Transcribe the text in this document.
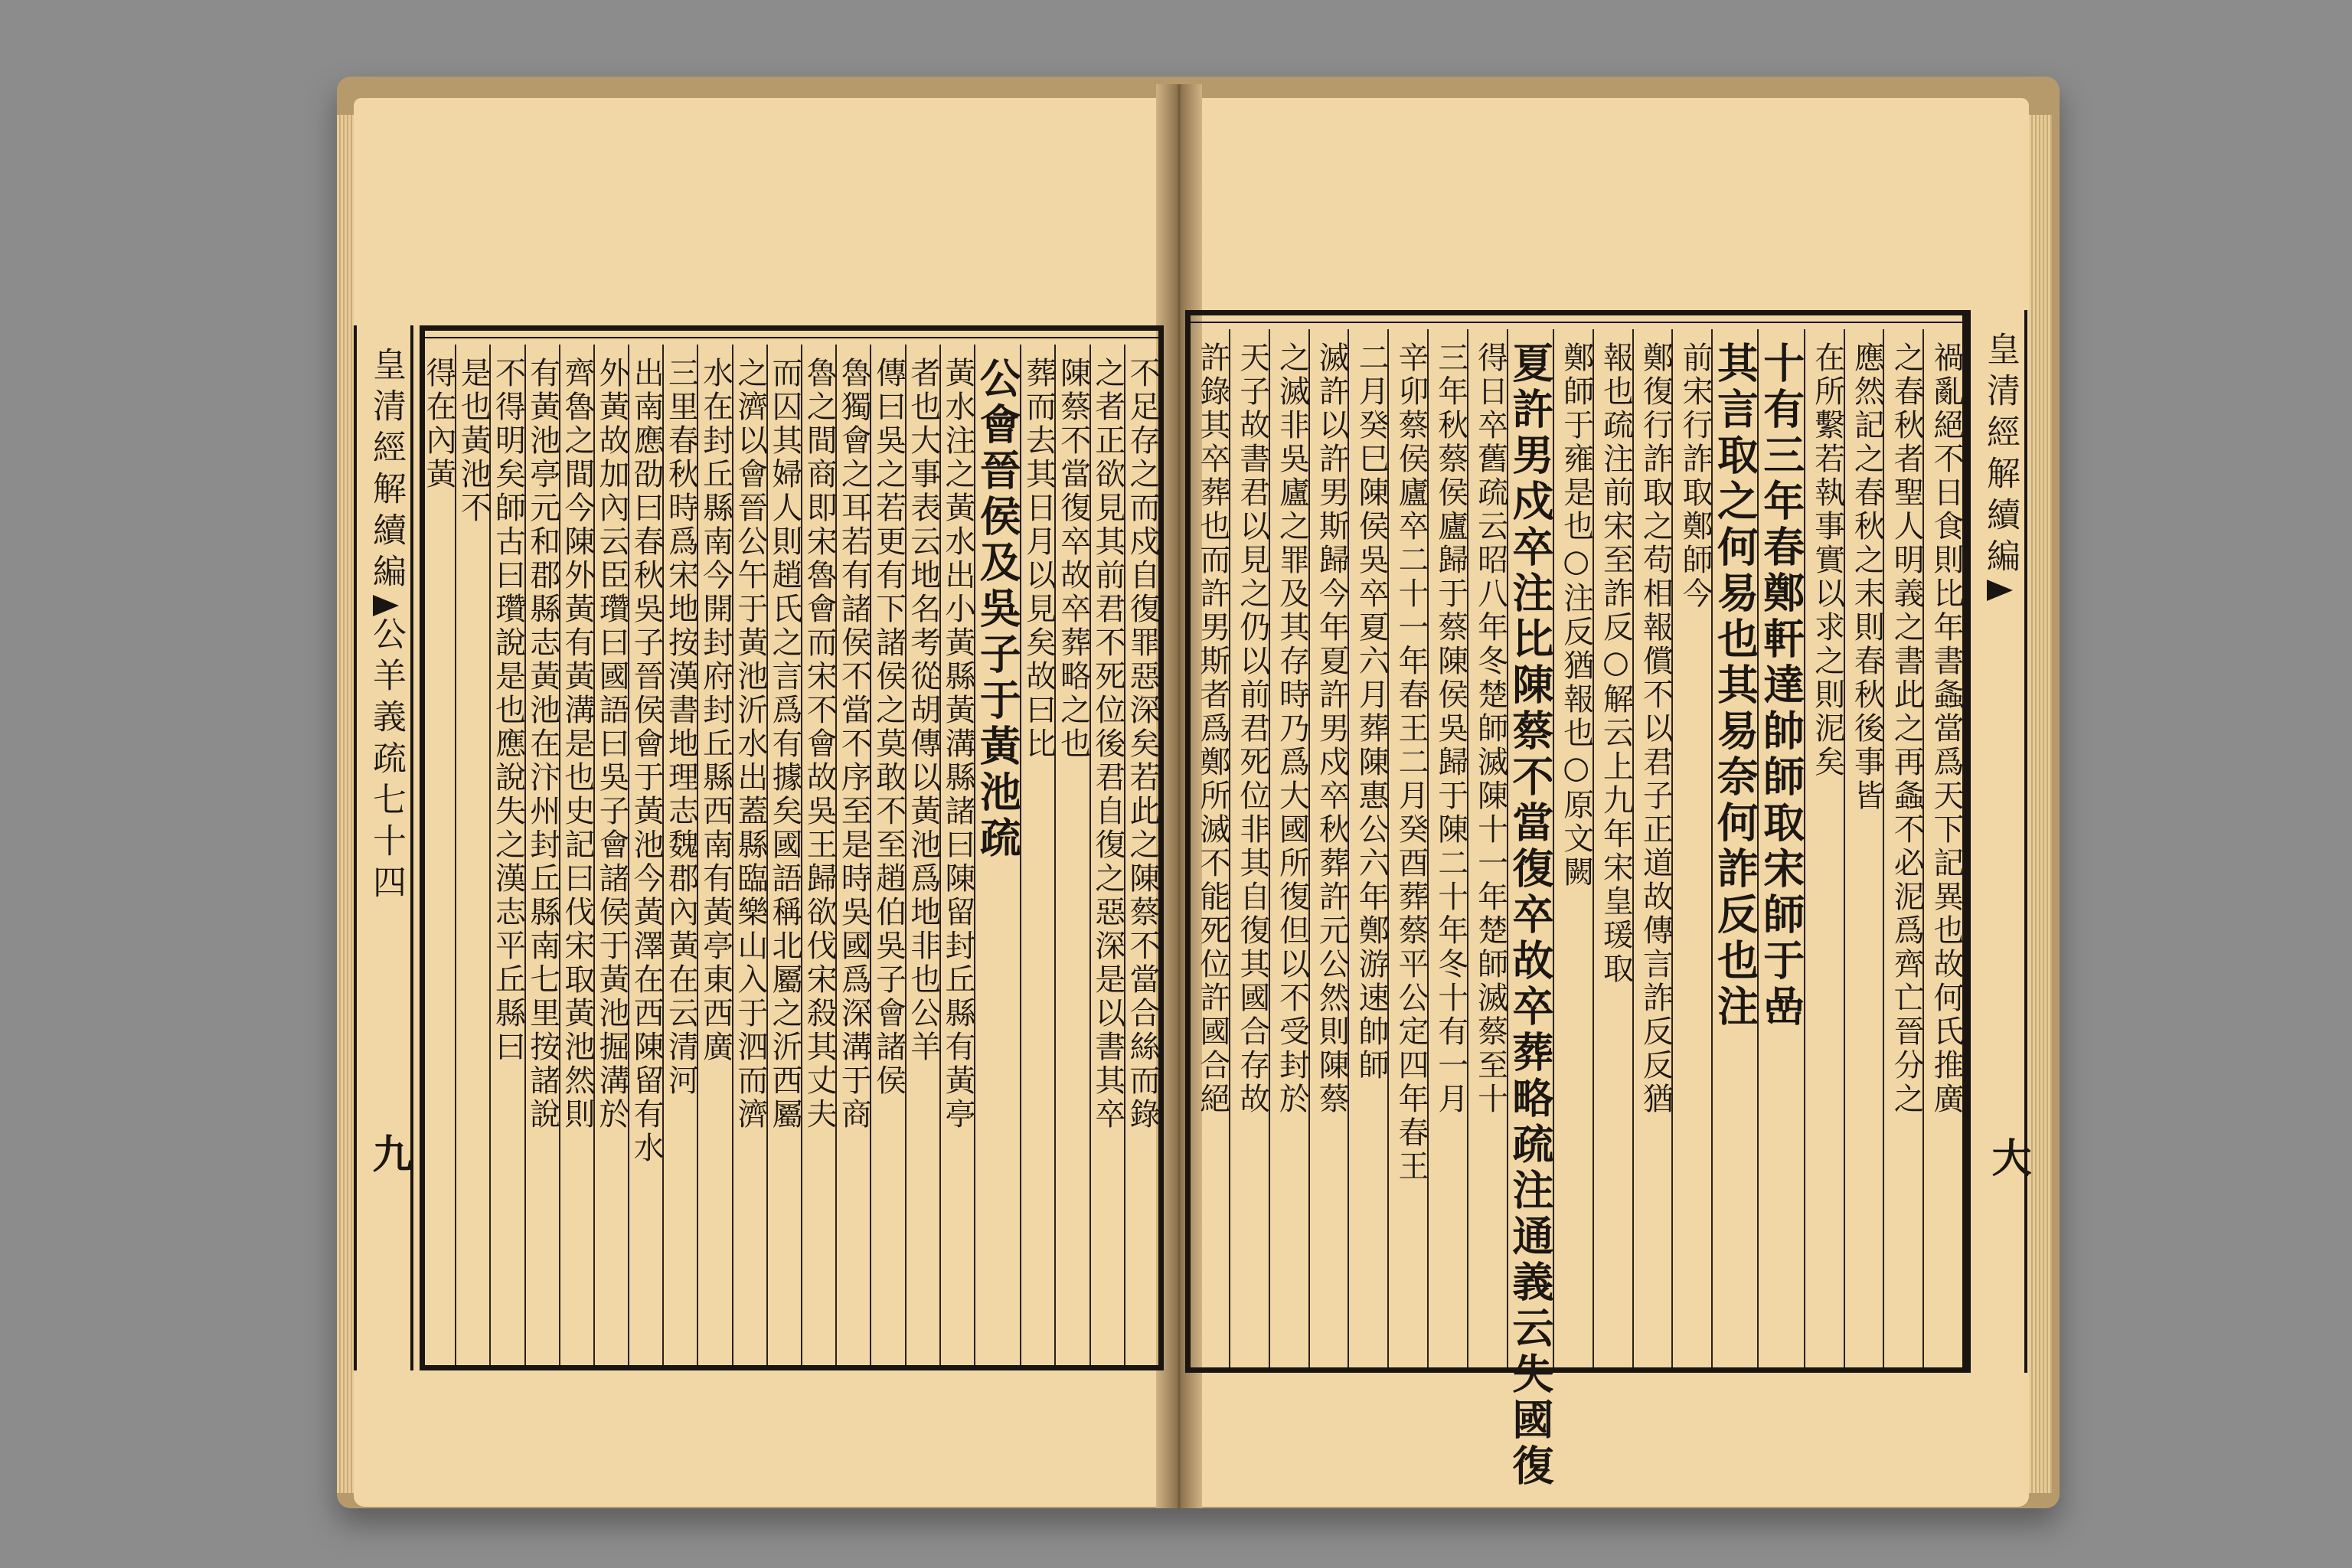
皇清經解續編公羊義疏七十四
九
不足存之而戍自復罪惡深矣若此之陳蔡不當合絲而錄
之者正欲見其前君不死位後君自復之惡深是以書其卒
陳蔡不當復卒故卒葬略之也
葬而去其日月以見矣故曰比
公會晉侯及吳子于黃池疏
黃水注之黃水出小黃縣黃溝縣諸曰陳留封丘縣有黃亭
者也大事表云地名考從胡傳以黃池爲地非也公羊
傳曰吳之若更有下諸侯之莫敢不至趙伯吳子會諸侯
魯獨會之耳若有諸侯不當不序至是時吳國爲深溝于商
魯之間商即宋魯會而宋不會故吳王歸欲伐宋殺其丈夫
而囚其婦人則趙氏之言爲有據矣國語稱北屬之沂西屬
之濟以會晉公午于黃池沂水出蓋縣臨樂山入于泗而濟
水在封丘縣南今開封府封丘縣西南有黃亭東西廣
三里春秋時爲宋地按漢書地理志魏郡內黃在云清河
出南應劭曰春秋吳子晉侯會于黃池今黃澤在西陳留有水
外黃故加內云臣瓚曰國語曰吳子會諸侯于黃池掘溝於
齊魯之間今陳外黃有黃溝是也史記曰伐宋取黃池然則
有黃池亭元和郡縣志黃池在汴州封丘縣南七里按諸說
不得明矣師古曰瓚說是也應說失之漢志平丘縣曰
是也黃池不
得在內黃	禍亂絕不日食則比年書螽當爲天下記異也故何氏推廣
之春秋者聖人明義之書此之再螽不必泥爲齊亡晉分之
應然記之春秋之末則春秋後事皆
在所繫若執事實以求之則泥矣
十有三年春鄭軒達帥師取宋師于嵒
其言取之何易也其易奈何詐反也注
前宋行詐取鄭師今
鄭復行詐取之苟相報償不以君子正道故傳言詐反反猶
報也疏注前宋至詐反○解云上九年宋皇瑗取
鄭師于雍是也○注反猶報也○原文闕
夏許男戍卒注比陳蔡不當復卒故卒葬略疏注通義云失國復
得日卒舊疏云昭八年冬楚師滅陳十一年楚師滅蔡至十
三年秋蔡侯廬歸于蔡陳侯吳歸于陳二十年冬十有一月
辛卯蔡侯廬卒二十一年春王二月癸酉葬蔡平公定四年春王
二月癸巳陳侯吳卒夏六月葬陳惠公六年鄭游速帥師
滅許以許男斯歸今年夏許男戍卒秋葬許元公然則陳蔡
之滅非吳廬之罪及其存時乃爲大國所復但以不受封於
天子故書君以見之仍以前君死位非其自復其國合存故
許錄其卒葬也而許男斯者爲鄭所滅不能死位許國合絕	皇清經解續編
大
